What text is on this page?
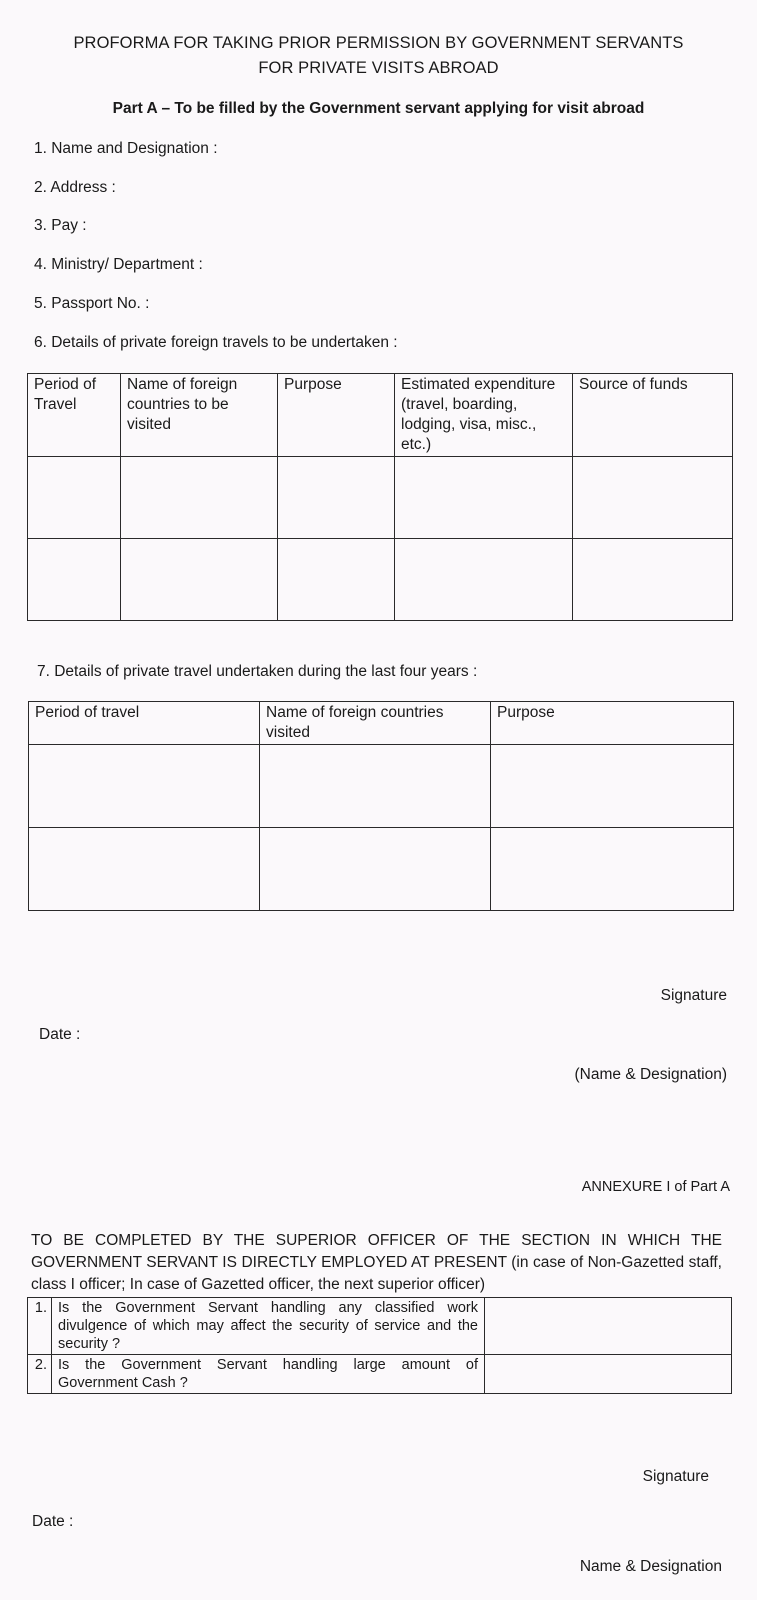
PROFORMA FOR TAKING PRIOR PERMISSION BY GOVERNMENT SERVANTS
FOR PRIVATE VISITS ABROAD
Part A – To be filled by the Government servant applying for visit abroad
1. Name and Designation :
2. Address :
3. Pay :
4. Ministry/ Department :
5. Passport No. :
6. Details of private foreign travels to be undertaken :
Period of Travel	Name of foreign countries to be visited	Purpose	Estimated expenditure (travel, boarding, lodging, visa, misc., etc.)	Source of funds

7. Details of private travel undertaken during the last four years :
Period of travel	Name of foreign countries visited	Purpose

Signature
Date :
(Name & Designation)
ANNEXURE I of Part A
TO BE COMPLETED BY THE SUPERIOR OFFICER OF THE SECTION IN WHICH THE GOVERNMENT SERVANT IS DIRECTLY EMPLOYED AT PRESENT (in case of Non-Gazetted staff, class I officer; In case of Gazetted officer, the next superior officer)
1.	Is the Government Servant handling any classified work divulgence of which may affect the security of service and the security ?	
2.	Is the Government Servant handling large amount of Government Cash ?	
Signature
Date :
Name & Designation
